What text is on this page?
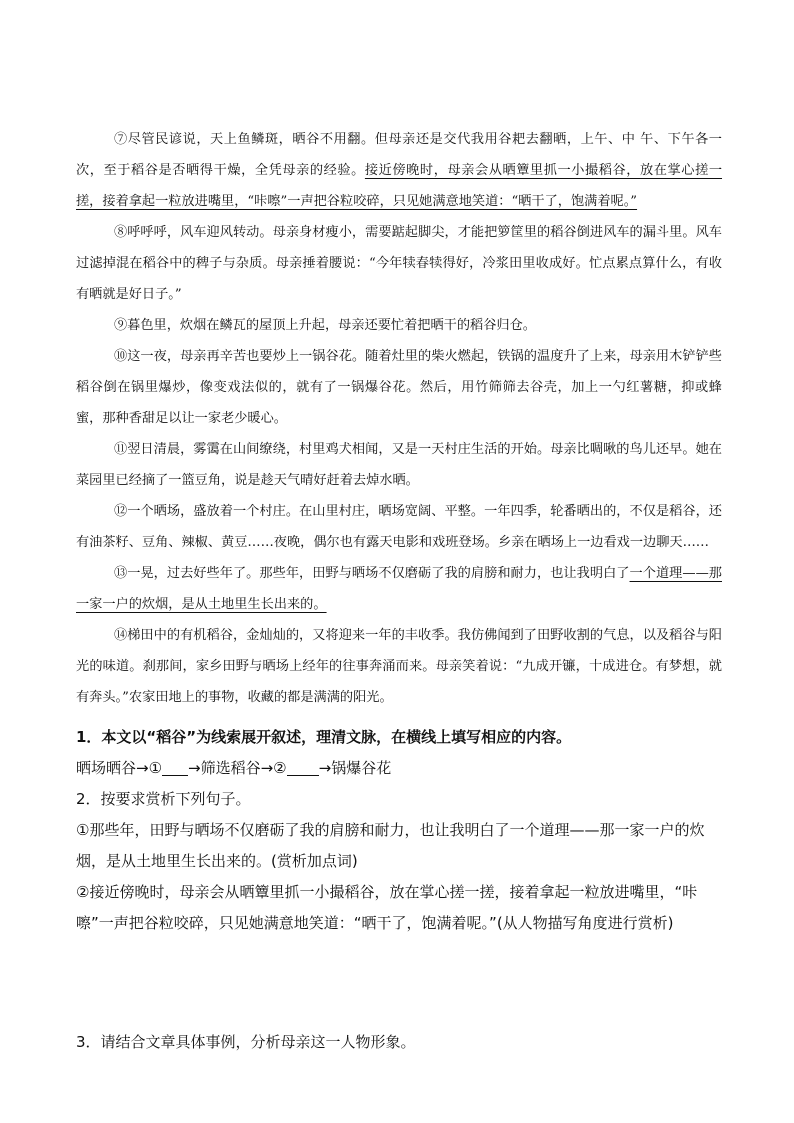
⑦尽管民谚说，天上鱼鳞斑，晒谷不用翻。但母亲还是交代我用谷耙去翻晒，上午、中 午、下午各一次，至于稻谷是否晒得干燥，全凭母亲的经验。接近傍晚时，母亲会从晒簟里抓一小撮稻谷，放在掌心搓一搓，接着拿起一粒放进嘴里，“咔嚓”一声把谷粒咬碎，只见她满意地笑道：“晒干了，饱满着呢。”

⑧呼呼呼，风车迎风转动。母亲身材瘦小，需要踮起脚尖，才能把箩筐里的稻谷倒进风车的漏斗里。风车过滤掉混在稻谷中的稗子与杂质。母亲捶着腰说：“今年犊春犊得好，冷浆田里收成好。忙点累点算什么，有收有晒就是好日子。”

⑨暮色里，炊烟在鳞瓦的屋顶上升起，母亲还要忙着把晒干的稻谷归仓。

⑩这一夜，母亲再辛苦也要炒上一锅谷花。随着灶里的柴火燃起，铁锅的温度升了上来，母亲用木铲铲些稻谷倒在锅里爆炒，像变戏法似的，就有了一锅爆谷花。然后，用竹筛筛去谷壳，加上一勺红薯糖，抑或蜂蜜，那种香甜足以让一家老少暖心。

⑪翌日清晨，雾霭在山间缭绕，村里鸡犬相闻，又是一天村庄生活的开始。母亲比啁啾的鸟儿还早。她在菜园里已经摘了一篮豆角，说是趁天气晴好赶着去焯水晒。

⑫一个晒场，盛放着一个村庄。在山里村庄，晒场宽阔、平整。一年四季，轮番晒出的，不仅是稻谷，还有油茶籽、豆角、辣椒、黄豆……夜晚，偶尔也有露天电影和戏班登场。乡亲在晒场上一边看戏一边聊天……

⑬一晃，过去好些年了。那些年，田野与晒场不仅磨砺了我的肩膀和耐力，也让我明白了一个道理——那一家一户的炊烟，是从土地里生长出来的。

⑭梯田中的有机稻谷，金灿灿的，又将迎来一年的丰收季。我仿佛闻到了田野收割的气息，以及稻谷与阳光的味道。刹那间，家乡田野与晒场上经年的往事奔涌而来。母亲笑着说：“九成开镰，十成进仓。有梦想，就有奔头。”农家田地上的事物，收藏的都是满满的阳光。

1．本文以“稻谷”为线索展开叙述，理清文脉，在横线上填写相应的内容。

晒场晒谷→① →筛选稻谷→② →锅爆谷花

2．按要求赏析下列句子。

①那些年，田野与晒场不仅磨砺了我的肩膀和耐力，也让我明白了一个道理——那一家一户的炊烟，是从土地里生长出来的。(赏析加点词)

②接近傍晚时，母亲会从晒簟里抓一小撮稻谷，放在掌心搓一搓，接着拿起一粒放进嘴里，“咔嚓”一声把谷粒咬碎，只见她满意地笑道：“晒干了，饱满着呢。”(从人物描写角度进行赏析)

3．请结合文章具体事例，分析母亲这一人物形象。
